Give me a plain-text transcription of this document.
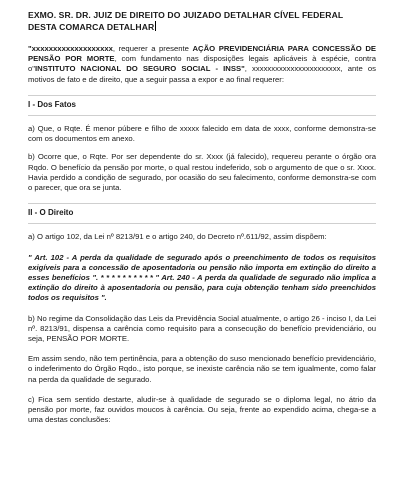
EXMO. SR. DR. JUIZ DE DIREITO DO JUIZADO DETALHAR CÍVEL FEDERAL
DESTA COMARCA DETALHAR

"xxxxxxxxxxxxxxxxxxx, requerer a presente AÇÃO PREVIDENCIÁRIA PARA CONCESSÃO DE PENSÃO POR MORTE, com fundamento nas disposições legais aplicáveis à espécie, contra o"INSTITUTO NACIONAL DO SEGURO SOCIAL - INSS", xxxxxxxxxxxxxxxxxxxxxxx, ante os motivos de fato e de direito, que a seguir passa a expor e ao final requerer:

I - Dos Fatos

a) Que, o Rqte. É menor púbere e filho de xxxxx falecido em data de xxxx, conforme demonstra-se com os documentos em anexo.

b) Ocorre que, o Rqte. Por ser dependente do sr. Xxxx (já falecido), requereu perante o órgão ora Rqdo. O benefício da pensão por morte, o qual restou indeferido, sob o argumento de que o sr. Xxxx. Havia perdido a condição de segurado, por ocasião do seu falecimento, conforme demonstra-se com o parecer, que ora se junta.

II - O Direito

a) O artigo 102, da Lei nº 8213/91 e o artigo 240, do Decreto nº.611/92, assim dispõem:

" Art. 102 - A perda da qualidade de segurado após o preenchimento de todos os requisitos exigíveis para a concessão de aposentadoria ou pensão não importa em extinção do direito a esses benefícios ". * * * * * * * * * * " Art. 240 - A perda da qualidade de segurado não implica a extinção do direito à aposentadoria ou pensão, para cuja obtenção tenham sido preenchidos todos os requisitos ".

b) No regime da Consolidação das Leis da Previdência Social atualmente, o artigo 26 - inciso I, da Lei nº. 8213/91, dispensa a carência como requisito para a consecução do benefício previdenciário, ou seja, PENSÃO POR MORTE.

Em assim sendo, não tem pertinência, para a obtenção do suso mencionado benefício previdenciário, o indeferimento do Órgão Rqdo., isto porque, se inexiste carência não se tem igualmente, como falar na perda da qualidade de segurado.

c) Fica sem sentido destarte, aludir-se à qualidade de segurado se o diploma legal, no átrio da pensão por morte, faz ouvidos moucos à carência. Ou seja, frente ao expendido acima, chega-se a uma destas conclusões:
